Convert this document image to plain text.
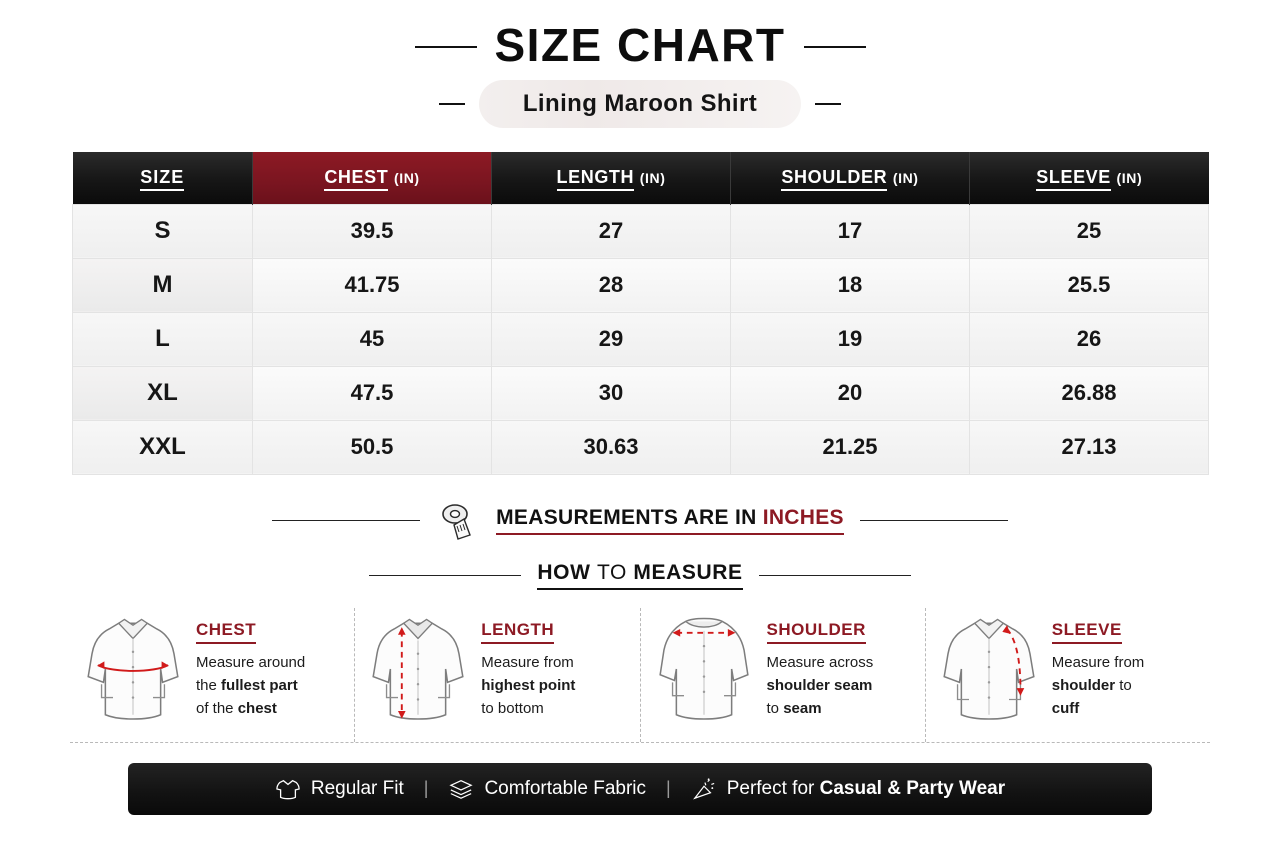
SIZE CHART
Lining Maroon Shirt
SIZE	CHEST (IN)	LENGTH (IN)	SHOULDER (IN)	SLEEVE (IN)
S	39.5	27	17	25
M	41.75	28	18	25.5
L	45	29	19	26
XL	47.5	30	20	26.88
XXL	50.5	30.63	21.25	27.13
MEASUREMENTS ARE IN INCHES
HOW TO MEASURE
CHEST
Measure around
the fullest part
of the chest
LENGTH
Measure from
highest point
to bottom
SHOULDER
Measure across
shoulder seam
to seam
SLEEVE
Measure from
shoulder to
cuff
Regular Fit |	Comfortable Fabric |	Perfect for Casual & Party Wear
